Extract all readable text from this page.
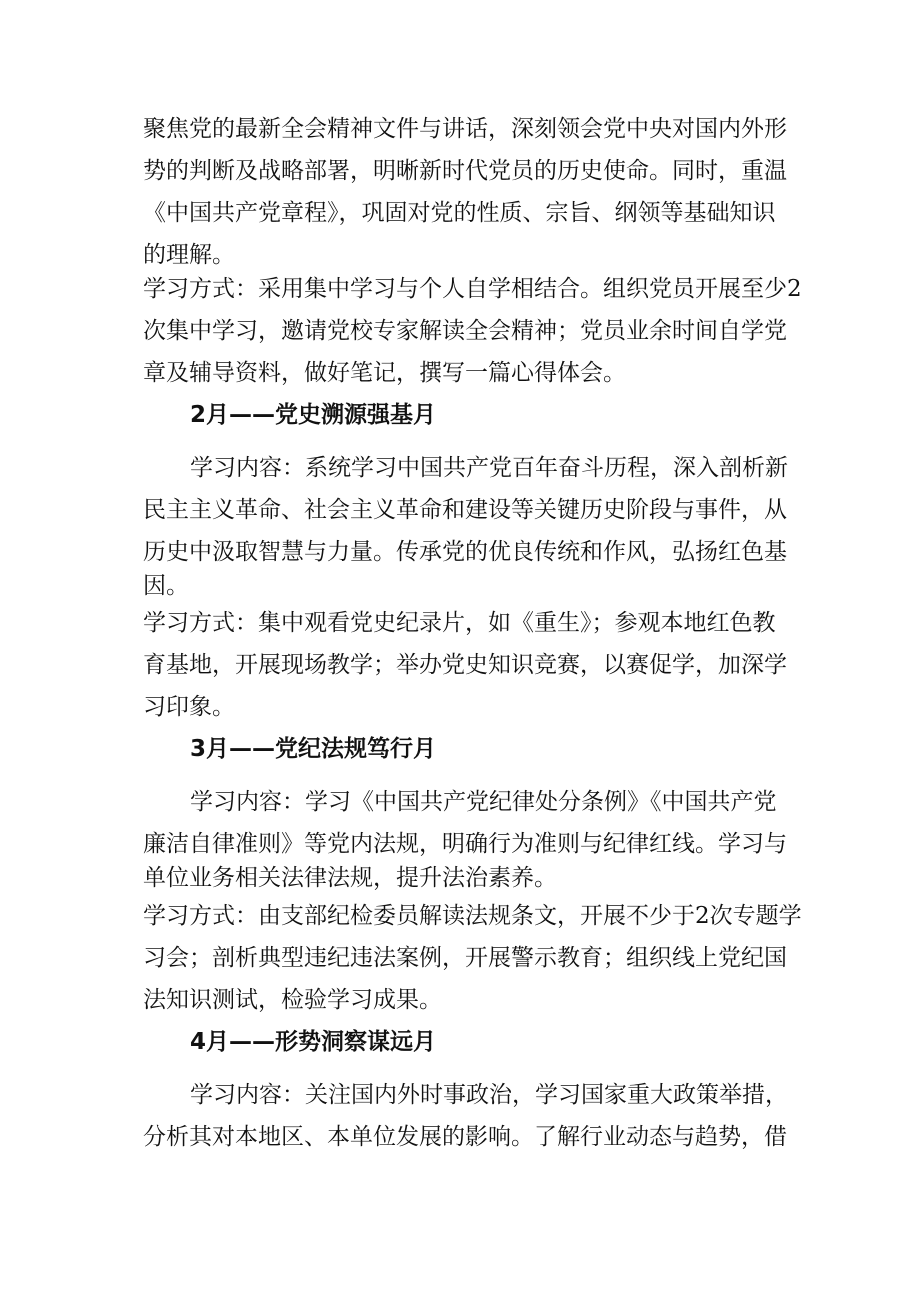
聚焦党的最新全会精神文件与讲话，深刻领会党中央对国内外形
势的判断及战略部署，明晰新时代党员的历史使命。同时，重温
《中国共产党章程》，巩固对党的性质、宗旨、纲领等基础知识
的理解。
学习方式：采用集中学习与个人自学相结合。组织党员开展至少2
次集中学习，邀请党校专家解读全会精神；党员业余时间自学党
章及辅导资料，做好笔记，撰写一篇心得体会。
2月——党史溯源强基月
学习内容：系统学习中国共产党百年奋斗历程，深入剖析新
民主主义革命、社会主义革命和建设等关键历史阶段与事件，从
历史中汲取智慧与力量。传承党的优良传统和作风，弘扬红色基
因。
学习方式：集中观看党史纪录片，如《重生》；参观本地红色教
育基地，开展现场教学；举办党史知识竞赛，以赛促学，加深学
习印象。
3月——党纪法规笃行月
学习内容：学习《中国共产党纪律处分条例》《中国共产党
廉洁自律准则》等党内法规，明确行为准则与纪律红线。学习与
单位业务相关法律法规，提升法治素养。
学习方式：由支部纪检委员解读法规条文，开展不少于2次专题学
习会；剖析典型违纪违法案例，开展警示教育；组织线上党纪国
法知识测试，检验学习成果。
4月——形势洞察谋远月
学习内容：关注国内外时事政治，学习国家重大政策举措，
分析其对本地区、本单位发展的影响。了解行业动态与趋势，借
